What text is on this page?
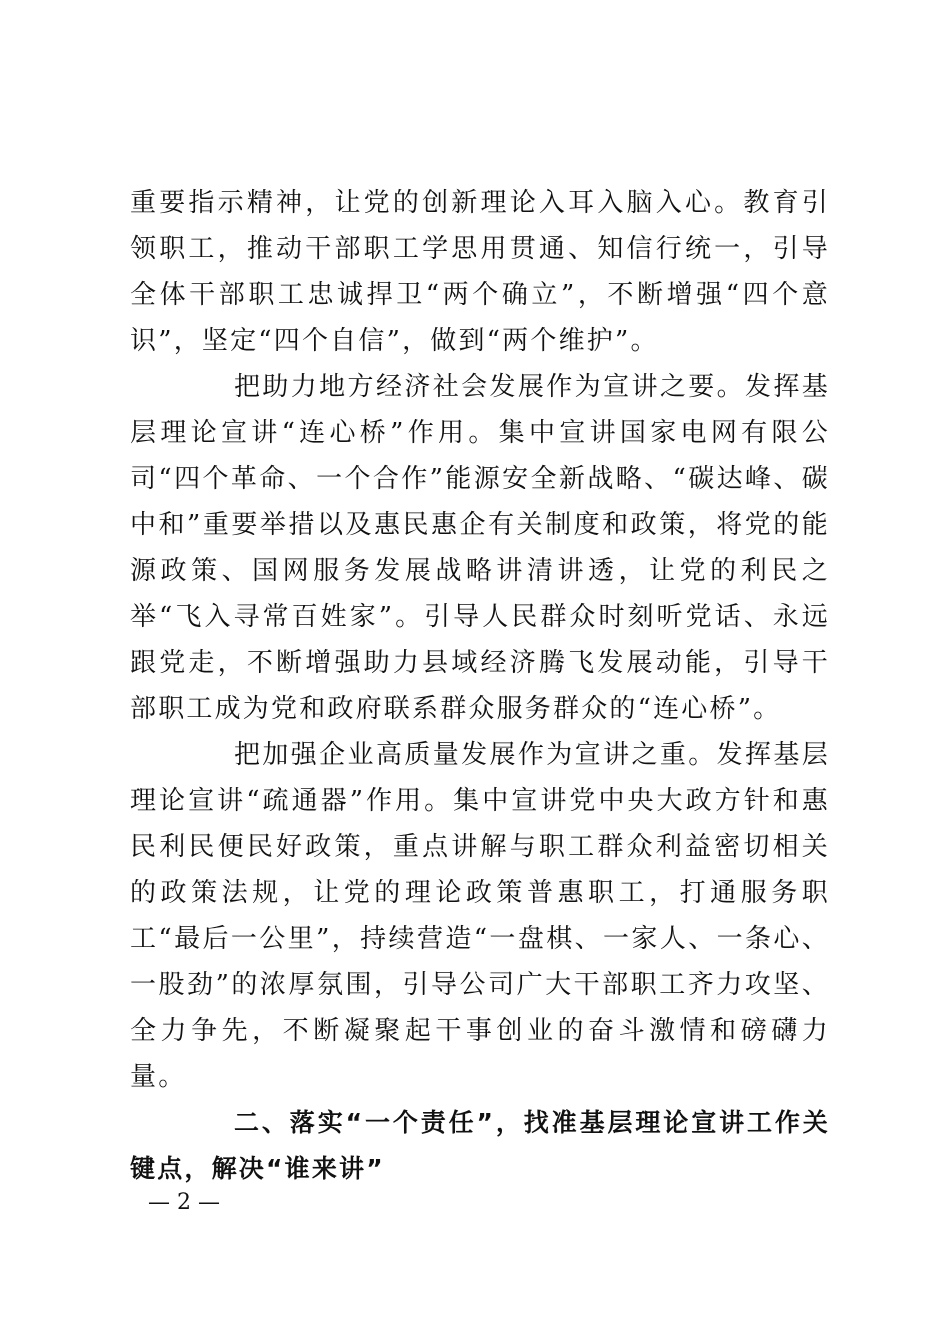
重要指示精神，让党的创新理论入耳入脑入心。教育引领职工，推动干部职工学思用贯通、知信行统一，引导全体干部职工忠诚捍卫“两个确立”，不断增强“四个意识”，坚定“四个自信”，做到“两个维护”。

把助力地方经济社会发展作为宣讲之要。发挥基层理论宣讲“连心桥”作用。集中宣讲国家电网有限公司“四个革命、一个合作”能源安全新战略、“碳达峰、碳中和”重要举措以及惠民惠企有关制度和政策，将党的能源政策、国网服务发展战略讲清讲透，让党的利民之举“飞入寻常百姓家”。引导人民群众时刻听党话、永远跟党走，不断增强助力县域经济腾飞发展动能，引导干部职工成为党和政府联系群众服务群众的“连心桥”。

把加强企业高质量发展作为宣讲之重。发挥基层理论宣讲“疏通器”作用。集中宣讲党中央大政方针和惠民利民便民好政策，重点讲解与职工群众利益密切相关的政策法规，让党的理论政策普惠职工，打通服务职工“最后一公里”，持续营造“一盘棋、一家人、一条心、一股劲”的浓厚氛围，引导公司广大干部职工齐力攻坚、全力争先，不断凝聚起干事创业的奋斗激情和磅礴力量。

二、落实“一个责任”，找准基层理论宣讲工作关键点，解决“谁来讲”

— 2 —
